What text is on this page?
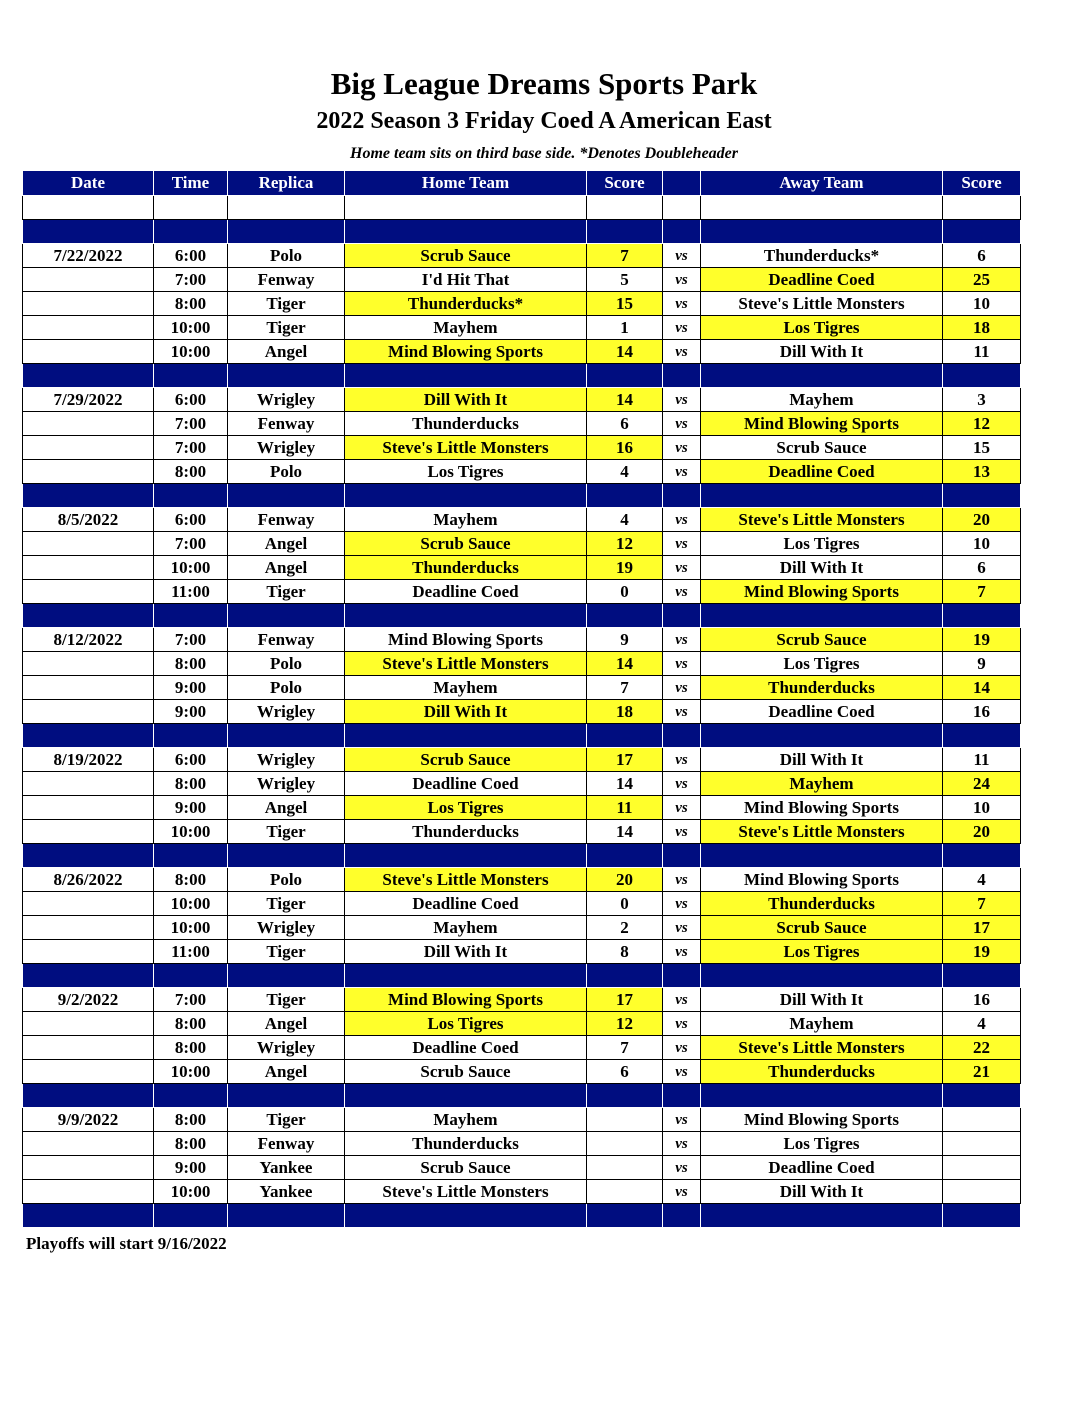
Big League Dreams Sports Park
2022 Season 3 Friday Coed A American East
Home team sits on third base side. *Denotes Doubleheader
Date	Time	Replica	Home Team	Score		Away Team	Score

7/22/2022	6:00	Polo	Scrub Sauce	7	vs	Thunderducks*	6
	7:00	Fenway	I'd Hit That	5	vs	Deadline Coed	25
	8:00	Tiger	Thunderducks*	15	vs	Steve's Little Monsters	10
	10:00	Tiger	Mayhem	1	vs	Los Tigres	18
	10:00	Angel	Mind Blowing Sports	14	vs	Dill With It	11

7/29/2022	6:00	Wrigley	Dill With It	14	vs	Mayhem	3
	7:00	Fenway	Thunderducks	6	vs	Mind Blowing Sports	12
	7:00	Wrigley	Steve's Little Monsters	16	vs	Scrub Sauce	15
	8:00	Polo	Los Tigres	4	vs	Deadline Coed	13

8/5/2022	6:00	Fenway	Mayhem	4	vs	Steve's Little Monsters	20
	7:00	Angel	Scrub Sauce	12	vs	Los Tigres	10
	10:00	Angel	Thunderducks	19	vs	Dill With It	6
	11:00	Tiger	Deadline Coed	0	vs	Mind Blowing Sports	7

8/12/2022	7:00	Fenway	Mind Blowing Sports	9	vs	Scrub Sauce	19
	8:00	Polo	Steve's Little Monsters	14	vs	Los Tigres	9
	9:00	Polo	Mayhem	7	vs	Thunderducks	14
	9:00	Wrigley	Dill With It	18	vs	Deadline Coed	16

8/19/2022	6:00	Wrigley	Scrub Sauce	17	vs	Dill With It	11
	8:00	Wrigley	Deadline Coed	14	vs	Mayhem	24
	9:00	Angel	Los Tigres	11	vs	Mind Blowing Sports	10
	10:00	Tiger	Thunderducks	14	vs	Steve's Little Monsters	20

8/26/2022	8:00	Polo	Steve's Little Monsters	20	vs	Mind Blowing Sports	4
	10:00	Tiger	Deadline Coed	0	vs	Thunderducks	7
	10:00	Wrigley	Mayhem	2	vs	Scrub Sauce	17
	11:00	Tiger	Dill With It	8	vs	Los Tigres	19

9/2/2022	7:00	Tiger	Mind Blowing Sports	17	vs	Dill With It	16
	8:00	Angel	Los Tigres	12	vs	Mayhem	4
	8:00	Wrigley	Deadline Coed	7	vs	Steve's Little Monsters	22
	10:00	Angel	Scrub Sauce	6	vs	Thunderducks	21

9/9/2022	8:00	Tiger	Mayhem		vs	Mind Blowing Sports	
	8:00	Fenway	Thunderducks		vs	Los Tigres	
	9:00	Yankee	Scrub Sauce		vs	Deadline Coed	
	10:00	Yankee	Steve's Little Monsters		vs	Dill With It	

Playoffs will start 9/16/2022
